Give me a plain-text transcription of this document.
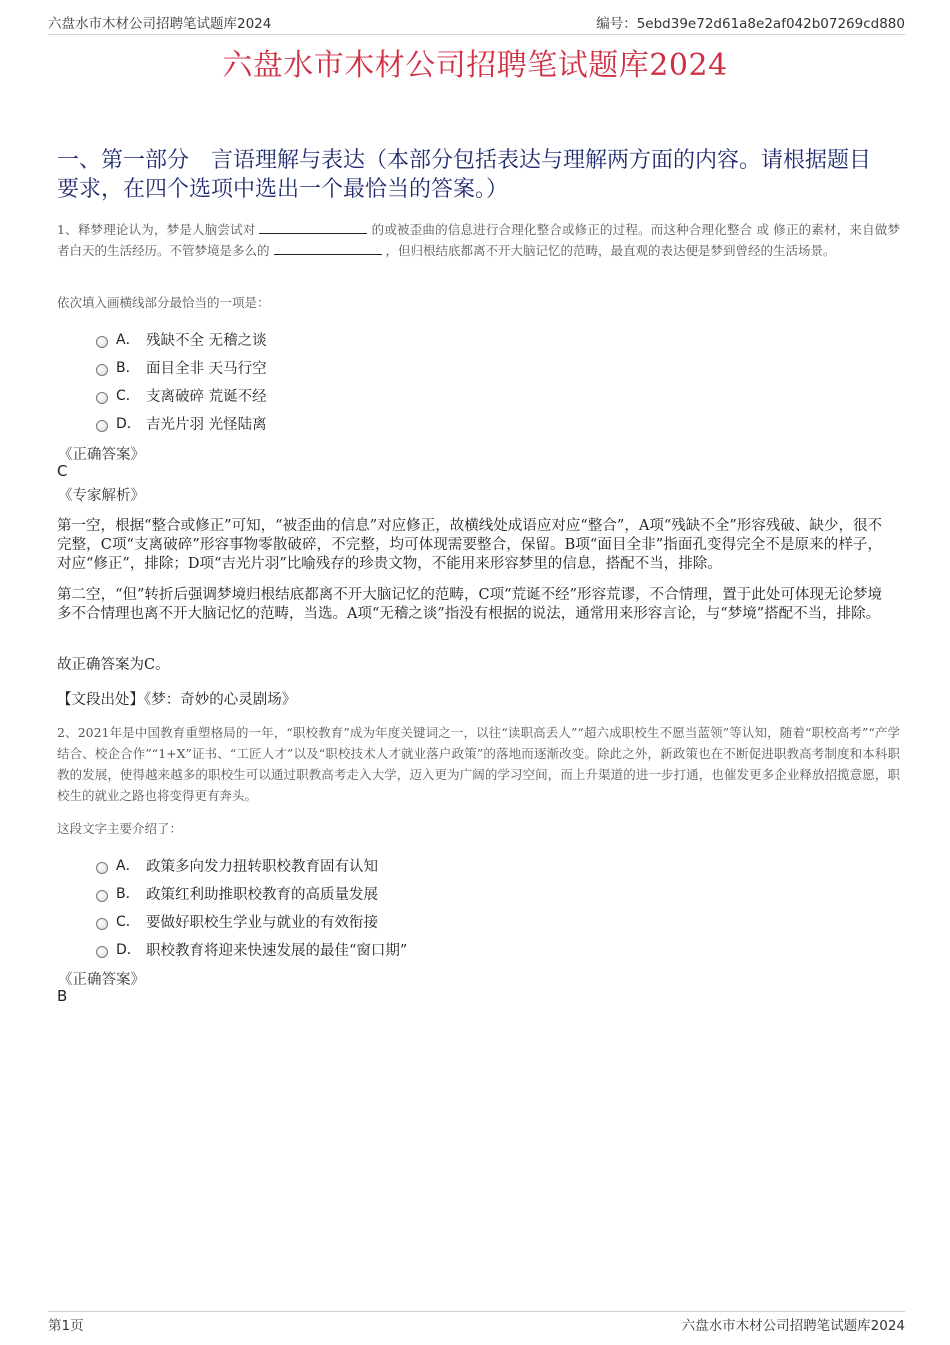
六盘水市木材公司招聘笔试题库2024	编号：5ebd39e72d61a8e2af042b07269cd880
六盘水市木材公司招聘笔试题库2024
一、第一部分　言语理解与表达（本部分包括表达与理解两方面的内容。请根据题目要求，在四个选项中选出一个最恰当的答案。）

1、释梦理论认为，梦是人脑尝试对	的或被歪曲的信息进行合理化整合或修正的过程。而这种合理化整合 或 修正的素材，来自做梦者白天的生活经历。不管梦境是多么的	，但归根结底都离不开大脑记忆的范畴，最直观的表达便是梦到曾经的生活场景。

依次填入画横线部分最恰当的一项是：

A． 残缺不全 无稽之谈
B． 面目全非 天马行空
C． 支离破碎 荒诞不经
D． 吉光片羽 光怪陆离
《正确答案》
C
《专家解析》

第一空，根据“整合或修正”可知，“被歪曲的信息”对应修正，故横线处成语应对应“整合”，A项“残缺不全”形容残破、缺少，很不完整，C项“支离破碎”形容事物零散破碎，不完整，均可体现需要整合，保留。B项“面目全非”指面孔变得完全不是原来的样子，对应“修正”，排除；D项“吉光片羽”比喻残存的珍贵文物，不能用来形容梦里的信息，搭配不当，排除。

第二空，“但”转折后强调梦境归根结底都离不开大脑记忆的范畴，C项“荒诞不经”形容荒谬，不合情理，置于此处可体现无论梦境多不合情理也离不开大脑记忆的范畴，当选。A项“无稽之谈”指没有根据的说法，通常用来形容言论，与“梦境”搭配不当，排除。

故正确答案为C。

【文段出处】《梦：奇妙的心灵剧场》

2、2021年是中国教育重塑格局的一年，“职校教育”成为年度关键词之一，以往“读职高丢人”“超六成职校生不愿当蓝领”等认知，随着“职校高考”“产学结合、校企合作”“1+X”证书、“工匠人才”以及“职校技术人才就业落户政策”的落地而逐渐改变。除此之外，新政策也在不断促进职教高考制度和本科职教的发展，使得越来越多的职校生可以通过职教高考走入大学，迈入更为广阔的学习空间，而上升渠道的进一步打通，也催发更多企业释放招揽意愿，职校生的就业之路也将变得更有奔头。

这段文字主要介绍了：

A． 政策多向发力扭转职校教育固有认知
B． 政策红利助推职校教育的高质量发展
C． 要做好职校生学业与就业的有效衔接
D． 职校教育将迎来快速发展的最佳“窗口期”
《正确答案》
B
第1页	六盘水市木材公司招聘笔试题库2024
